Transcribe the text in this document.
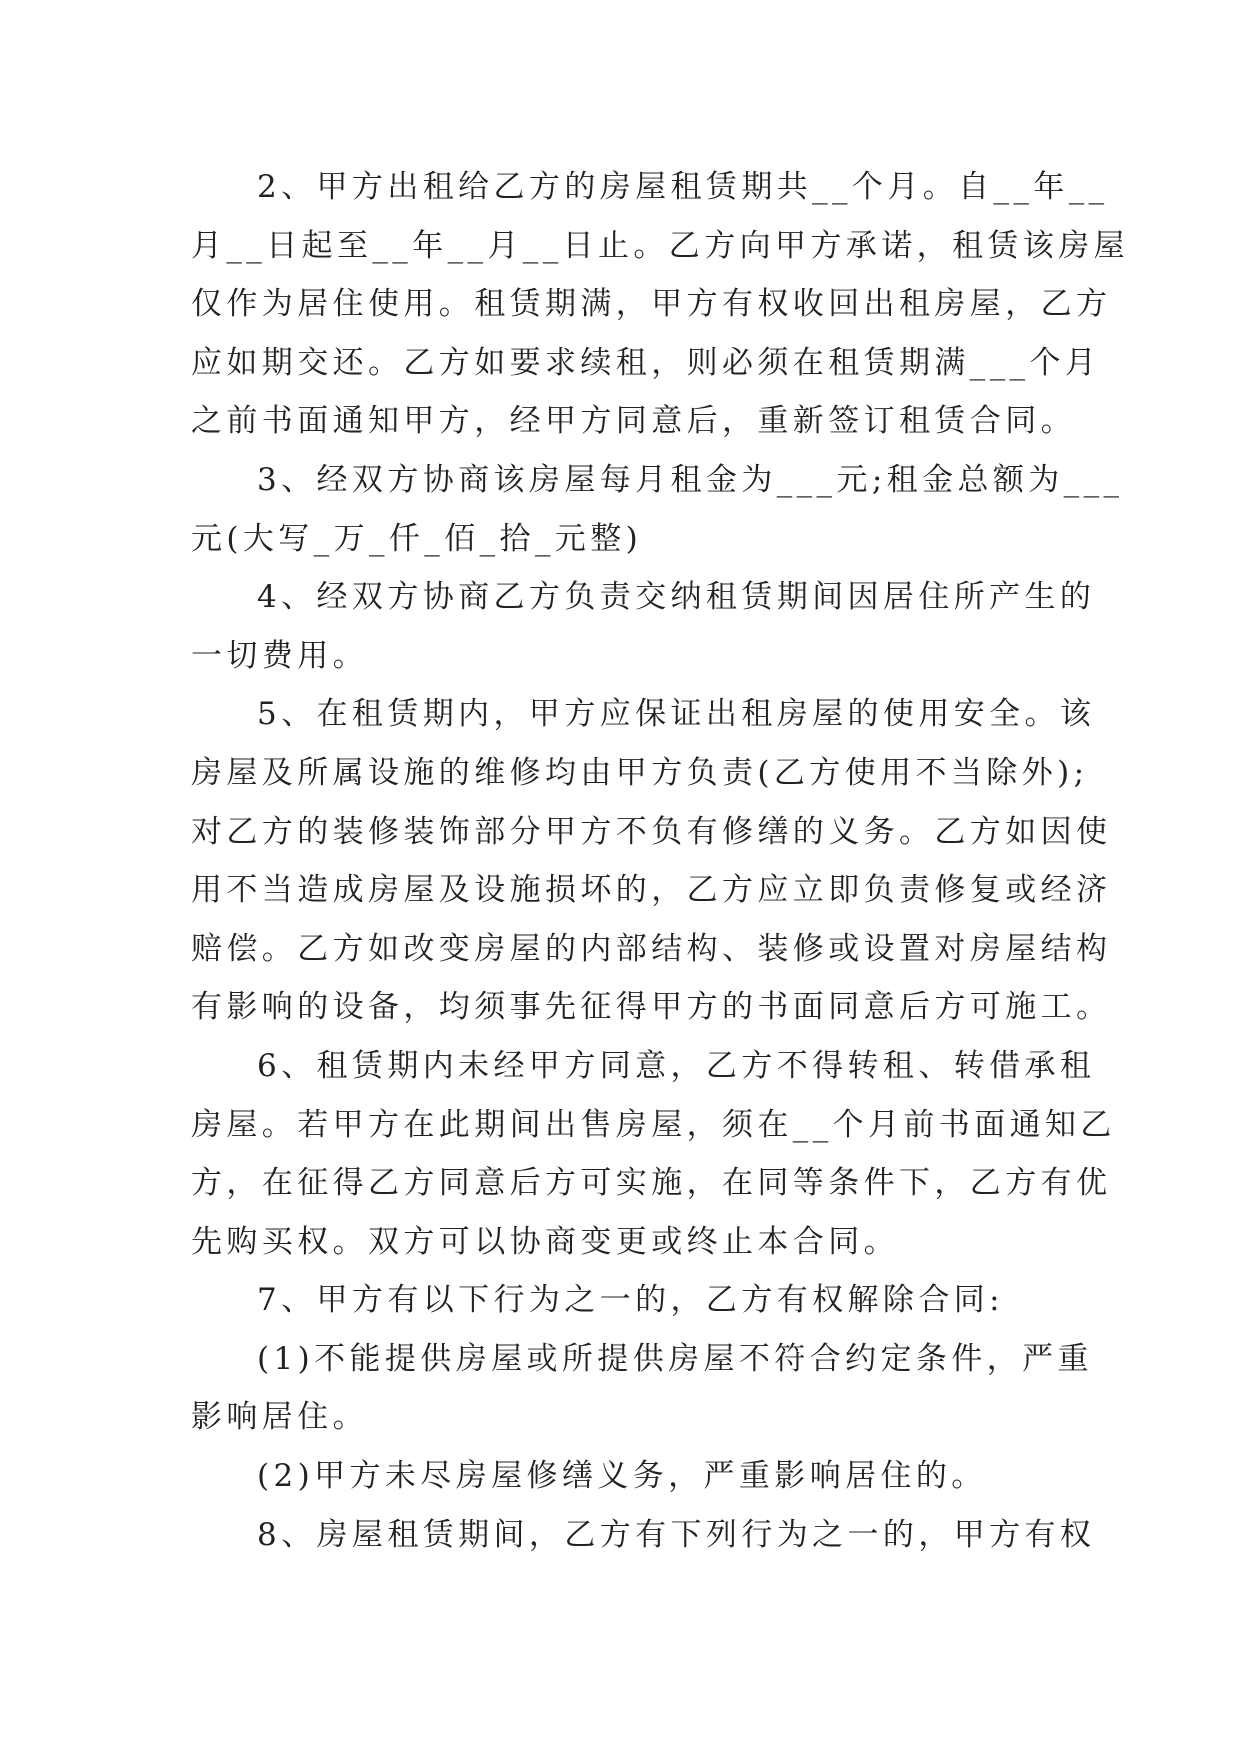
2、甲方出租给乙方的房屋租赁期共__个月。自__年__
月__日起至__年__月__日止。乙方向甲方承诺，租赁该房屋
仅作为居住使用。租赁期满，甲方有权收回出租房屋，乙方
应如期交还。乙方如要求续租，则必须在租赁期满___个月
之前书面通知甲方，经甲方同意后，重新签订租赁合同。
3、经双方协商该房屋每月租金为___元;租金总额为___
元(大写_万_仟_佰_拾_元整)
4、经双方协商乙方负责交纳租赁期间因居住所产生的
一切费用。
5、在租赁期内，甲方应保证出租房屋的使用安全。该
房屋及所属设施的维修均由甲方负责(乙方使用不当除外);
对乙方的装修装饰部分甲方不负有修缮的义务。乙方如因使
用不当造成房屋及设施损坏的，乙方应立即负责修复或经济
赔偿。乙方如改变房屋的内部结构、装修或设置对房屋结构
有影响的设备，均须事先征得甲方的书面同意后方可施工。
6、租赁期内未经甲方同意，乙方不得转租、转借承租
房屋。若甲方在此期间出售房屋，须在__个月前书面通知乙
方，在征得乙方同意后方可实施，在同等条件下，乙方有优
先购买权。双方可以协商变更或终止本合同。
7、甲方有以下行为之一的，乙方有权解除合同:
(1)不能提供房屋或所提供房屋不符合约定条件，严重
影响居住。
(2)甲方未尽房屋修缮义务，严重影响居住的。
8、房屋租赁期间，乙方有下列行为之一的，甲方有权
